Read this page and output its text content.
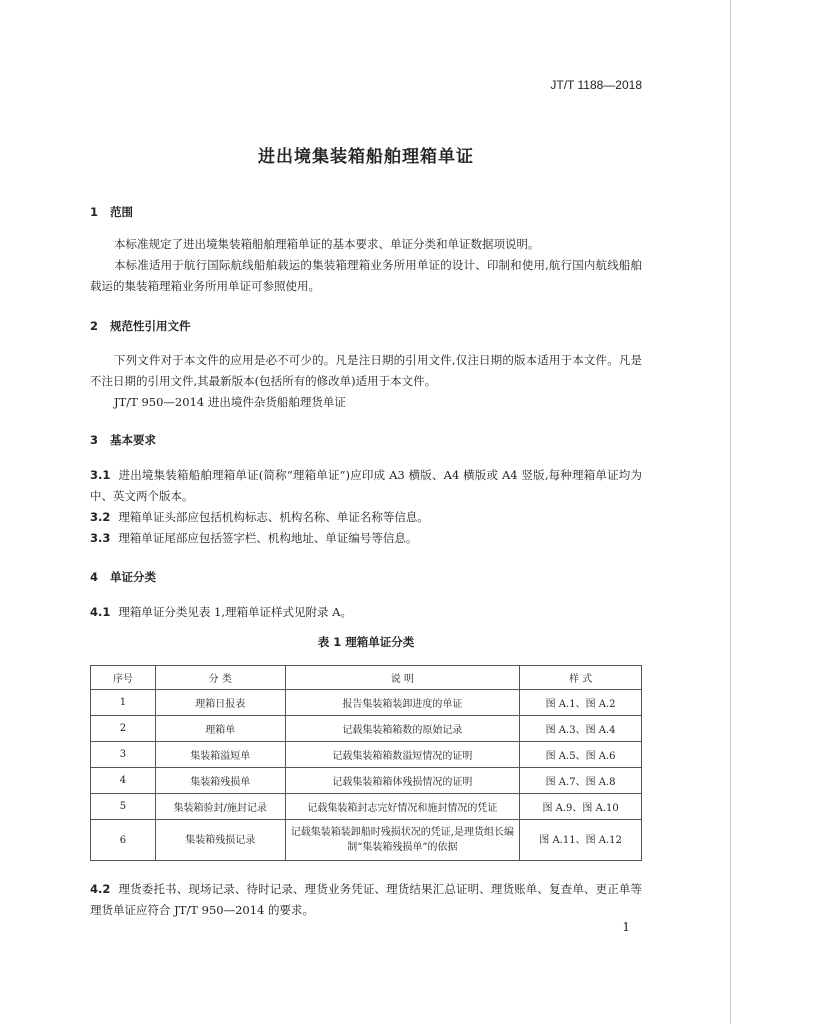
JT/T 1188—2018
进出境集装箱船舶理箱单证
1 范围
本标准规定了进出境集装箱船舶理箱单证的基本要求、单证分类和单证数据项说明。
本标准适用于航行国际航线船舶载运的集装箱理箱业务所用单证的设计、印制和使用,航行国内航线船舶载运的集装箱理箱业务所用单证可参照使用。
2 规范性引用文件
下列文件对于本文件的应用是必不可少的。凡是注日期的引用文件,仅注日期的版本适用于本文件。凡是不注日期的引用文件,其最新版本(包括所有的修改单)适用于本文件。
JT/T 950—2014 进出境件杂货船舶理货单证
3 基本要求
3.1 进出境集装箱船舶理箱单证(简称“理箱单证”)应印成 A3 横版、A4 横版或 A4 竖版,每种理箱单证均为中、英文两个版本。
3.2 理箱单证头部应包括机构标志、机构名称、单证名称等信息。
3.3 理箱单证尾部应包括签字栏、机构地址、单证编号等信息。
4 单证分类
4.1 理箱单证分类见表 1,理箱单证样式见附录 A。
表 1 理箱单证分类
序号	分 类	说 明	样 式
1	理箱日报表	报告集装箱装卸进度的单证	图 A.1、图 A.2
2	理箱单	记载集装箱箱数的原始记录	图 A.3、图 A.4
3	集装箱溢短单	记载集装箱箱数溢短情况的证明	图 A.5、图 A.6
4	集装箱残损单	记载集装箱箱体残损情况的证明	图 A.7、图 A.8
5	集装箱验封/施封记录	记载集装箱封志完好情况和施封情况的凭证	图 A.9、图 A.10
6	集装箱残损记录	记载集装箱装卸船时残损状况的凭证,是理货组长编制“集装箱残损单”的依据	图 A.11、图 A.12
4.2 理货委托书、现场记录、待时记录、理货业务凭证、理货结果汇总证明、理货账单、复查单、更正单等理货单证应符合 JT/T 950—2014 的要求。
1
